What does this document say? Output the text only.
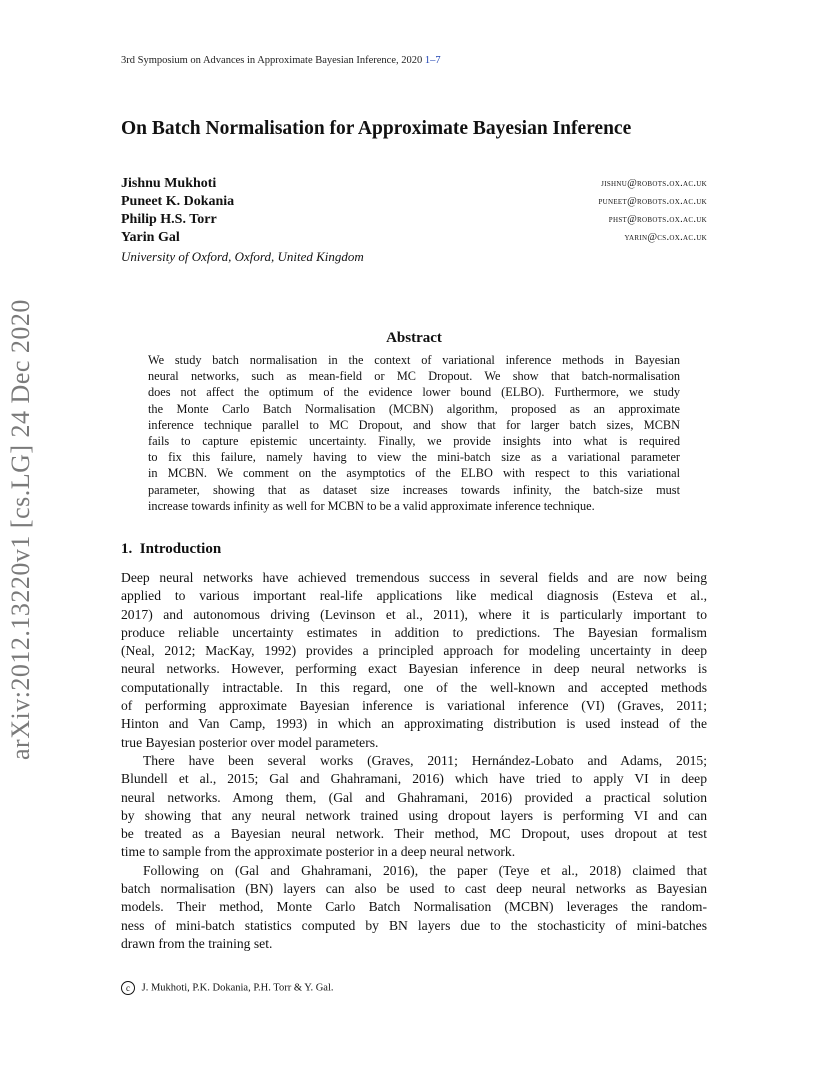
3rd Symposium on Advances in Approximate Bayesian Inference, 2020 1–7
On Batch Normalisation for Approximate Bayesian Inference
Jishnu Mukhoti	jishnu@robots.ox.ac.uk
Puneet K. Dokania	puneet@robots.ox.ac.uk
Philip H.S. Torr	phst@robots.ox.ac.uk
Yarin Gal	yarin@cs.ox.ac.uk
University of Oxford, Oxford, United Kingdom
arXiv:2012.13220v1 [cs.LG] 24 Dec 2020	Abstract
We study batch normalisation in the context of variational inference methods in Bayesian
neural networks, such as mean-field or MC Dropout. We show that batch-normalisation
does not affect the optimum of the evidence lower bound (ELBO). Furthermore, we study
the Monte Carlo Batch Normalisation (MCBN) algorithm, proposed as an approximate
inference technique parallel to MC Dropout, and show that for larger batch sizes, MCBN
fails to capture epistemic uncertainty. Finally, we provide insights into what is required
to fix this failure, namely having to view the mini-batch size as a variational parameter
in MCBN. We comment on the asymptotics of the ELBO with respect to this variational
parameter, showing that as dataset size increases towards infinity, the batch-size must
increase towards infinity as well for MCBN to be a valid approximate inference technique.
1. Introduction
Deep neural networks have achieved tremendous success in several fields and are now being
applied to various important real-life applications like medical diagnosis (Esteva et al.,
2017) and autonomous driving (Levinson et al., 2011), where it is particularly important to
produce reliable uncertainty estimates in addition to predictions. The Bayesian formalism
(Neal, 2012; MacKay, 1992) provides a principled approach for modeling uncertainty in deep
neural networks. However, performing exact Bayesian inference in deep neural networks is
computationally intractable. In this regard, one of the well-known and accepted methods
of performing approximate Bayesian inference is variational inference (VI) (Graves, 2011;
Hinton and Van Camp, 1993) in which an approximating distribution is used instead of the
true Bayesian posterior over model parameters.
There have been several works (Graves, 2011; Hernández-Lobato and Adams, 2015;
Blundell et al., 2015; Gal and Ghahramani, 2016) which have tried to apply VI in deep
neural networks. Among them, (Gal and Ghahramani, 2016) provided a practical solution
by showing that any neural network trained using dropout layers is performing VI and can
be treated as a Bayesian neural network. Their method, MC Dropout, uses dropout at test
time to sample from the approximate posterior in a deep neural network.
Following on (Gal and Ghahramani, 2016), the paper (Teye et al., 2018) claimed that
batch normalisation (BN) layers can also be used to cast deep neural networks as Bayesian
models. Their method, Monte Carlo Batch Normalisation (MCBN) leverages the random-
ness of mini-batch statistics computed by BN layers due to the stochasticity of mini-batches
drawn from the training set.
c J. Mukhoti, P.K. Dokania, P.H. Torr & Y. Gal.
